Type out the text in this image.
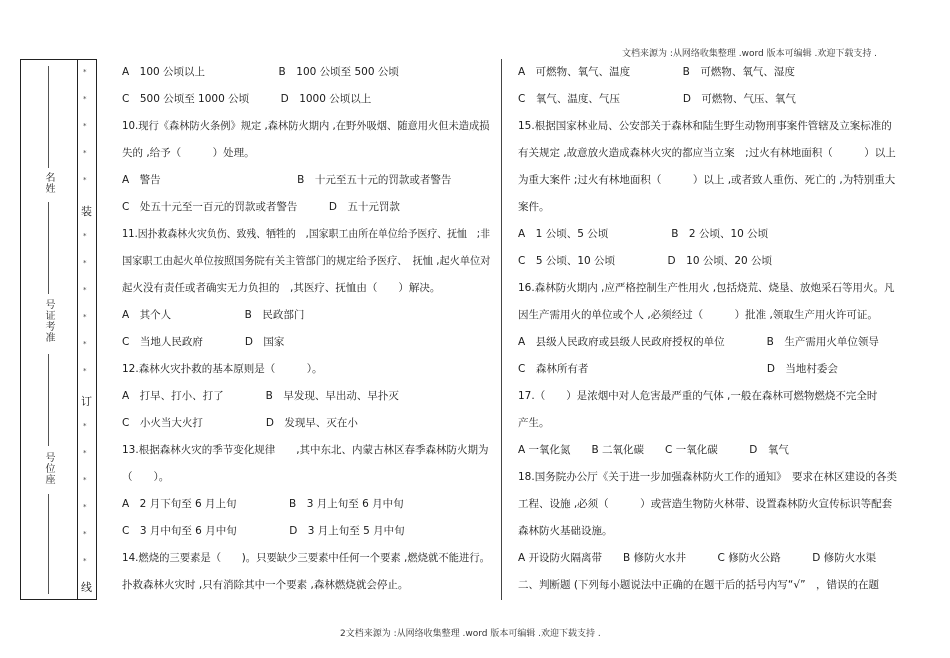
文档来源为 :从网络收集整理 .word 版本可编辑 .欢迎下载支持 .
2文档来源为 :从网络收集整理 .word 版本可编辑 .欢迎下载支持 .
名姓
号证考准
号位座
装
订
线
*
*
*
*
*
*
*
*
*
*
*
*
*
*
*
*
*
A　100 公顷以上　　　　　　　B　100 公顷至 500 公顷
C　500 公顷至 1000 公顷　　　D　1000 公顷以上
10.现行《森林防火条例》规定 ,森林防火期内 ,在野外吸烟、随意用火但未造成损
失的 ,给予（　　　）处理。
A　警告　　　　　　　　　　　　　B　十元至五十元的罚款或者警告
C　处五十元至一百元的罚款或者警告　　　D　五十元罚款
11.因扑救森林火灾负伤、致残、牺牲的　,国家职工由所在单位给予医疗、抚恤　;非
国家职工由起火单位按照国务院有关主管部门的规定给予医疗、　抚恤 ,起火单位对
起火没有责任或者确实无力负担的　,其医疗、抚恤由（　　）解决。
A　其个人　　　　　　　B　民政部门
C　当地人民政府　　　　D　国家
12.森林火灾扑救的基本原则是（　　　）。
A　打早、打小、打了　　　　B　早发现、早出动、早扑灭
C　小火当大火打　　　　　　D　发现早、灭在小
13.根据森林火灾的季节变化规律　　,其中东北、内蒙古林区春季森林防火期为
（　　）。
A　2 月下旬至 6 月上旬　　　　　B　3 月上旬至 6 月中旬
C　3 月中旬至 6 月中旬　　　　　D　3 月上旬至 5 月中旬
14.燃烧的三要素是（　　)。只要缺少三要素中任何一个要素 ,燃烧就不能进行。
扑救森林火灾时 ,只有消除其中一个要素 ,森林燃烧就会停止。
A　可燃物、氧气、温度　　　　　B　可燃物、氧气、湿度
C　氧气、温度、气压　　　　　　D　可燃物、气压、氧气
15.根据国家林业局、公安部关于森林和陆生野生动物刑事案件管辖及立案标准的
有关规定 ,故意放火造成森林火灾的都应当立案　;过火有林地面积（　　　）以上
为重大案件 ;过火有林地面积（　　　）以上 ,或者致人重伤、死亡的 ,为特别重大
案件。
A　1 公顷、5 公顷　　　　　　B　2 公顷、10 公顷
C　5 公顷、10 公顷　　　　　D　10 公顷、20 公顷
16.森林防火期内 ,应严格控制生产性用火 ,包括烧荒、烧垦、放炮采石等用火。凡
因生产需用火的单位或个人 ,必须经过（　　　）批准 ,领取生产用火许可证。
A　县级人民政府或县级人民政府授权的单位　　　　B　生产需用火单位领导
C　森林所有者　　　　　　　　　　　　　　　　　D　当地村委会
17.（　　）是浓烟中对人危害最严重的气体 ,一般在森林可燃物燃烧不完全时
产生。
A 一氧化氮　　B 二氧化碳　　C 一氧化碳　　　D　氧气
18.国务院办公厅《关于进一步加强森林防火工作的通知》　要求在林区建设的各类
工程、设施 ,必须（　　　）或营造生物防火林带、设置森林防火宣传标识等配套
森林防火基础设施。
A 开设防火隔离带　　B 修防火水井　　　C 修防火公路　　　D 修防火水渠
二、判断题 (下列每小题说法中正确的在题干后的括号内写“√”　，错误的在题
